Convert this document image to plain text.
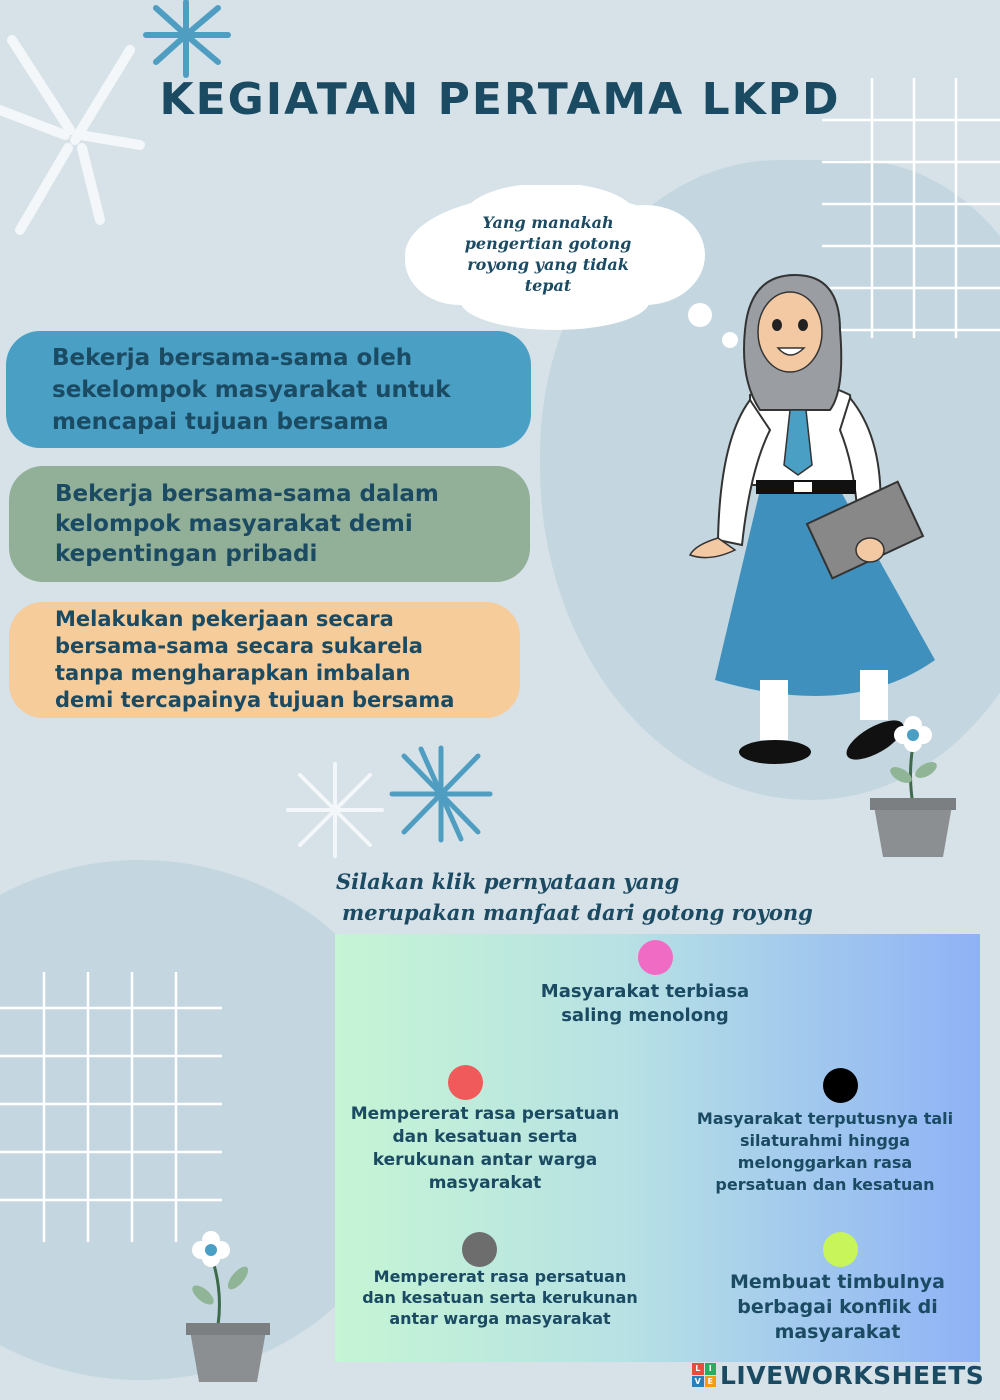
KEGIATAN PERTAMA LKPD
Yang manakah pengertian gotong royong yang tidak tepat
Bekerja bersama-sama oleh sekelompok masyarakat untuk mencapai tujuan bersama
Bekerja bersama-sama dalam kelompok masyarakat demi kepentingan pribadi
Melakukan pekerjaan secara bersama-sama secara sukarela tanpa mengharapkan imbalan demi tercapainya tujuan bersama
Silakan klik pernyataan yang
merupakan manfaat dari gotong royong
Masyarakat terbiasa saling menolong
Mempererat rasa persatuan dan kesatuan serta kerukunan antar warga masyarakat
Masyarakat terputusnya tali silaturahmi hingga melonggarkan rasa persatuan dan kesatuan
Mempererat rasa persatuan dan kesatuan serta kerukunan antar warga masyarakat
Membuat timbulnya berbagai konflik di masyarakat
L	I
V E LIVEWORKSHEETS
